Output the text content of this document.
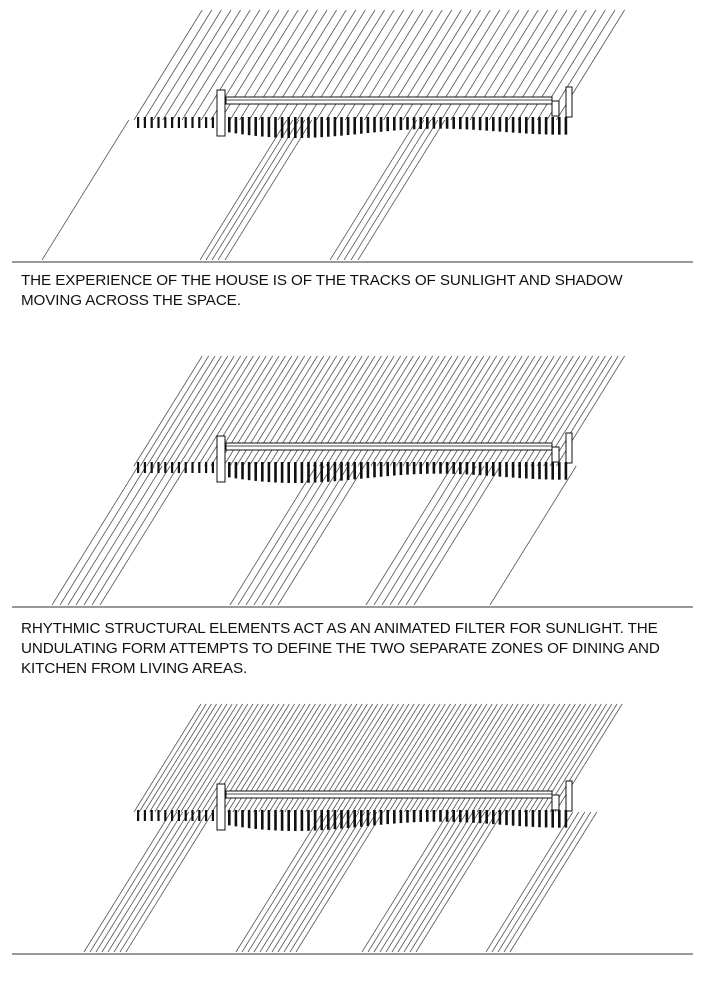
THE EXPERIENCE OF THE HOUSE IS OF THE TRACKS OF SUNLIGHT AND SHADOW
MOVING ACROSS THE SPACE.

RHYTHMIC STRUCTURAL ELEMENTS ACT AS AN ANIMATED FILTER FOR SUNLIGHT. THE
UNDULATING FORM ATTEMPTS TO DEFINE THE TWO SEPARATE ZONES OF DINING AND
KITCHEN FROM LIVING AREAS.
